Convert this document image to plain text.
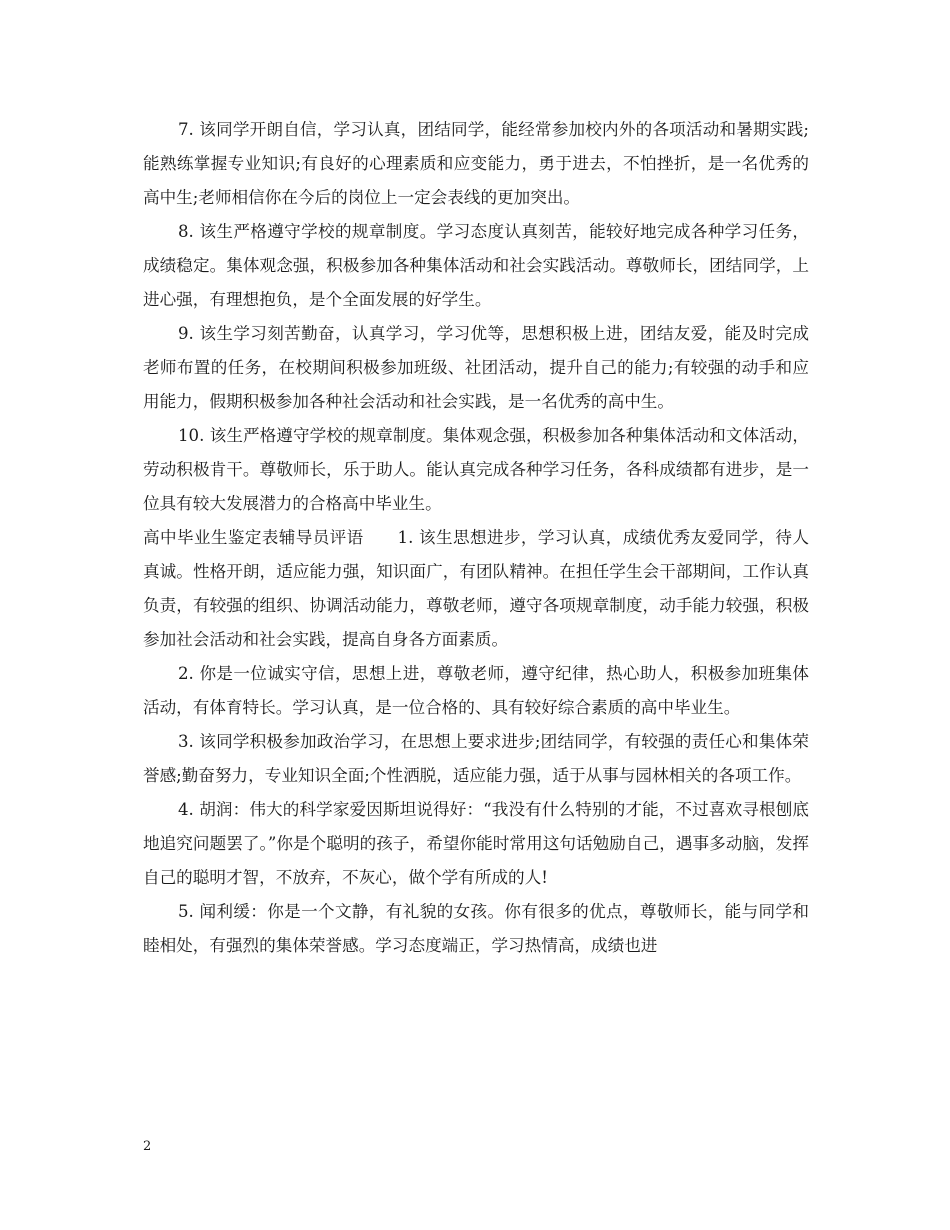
7. 该同学开朗自信，学习认真，团结同学，能经常参加校内外的各项活动和暑期实践;能熟练掌握专业知识;有良好的心理素质和应变能力，勇于进去，不怕挫折，是一名优秀的高中生;老师相信你在今后的岗位上一定会表线的更加突出。

8. 该生严格遵守学校的规章制度。学习态度认真刻苦，能较好地完成各种学习任务，成绩稳定。集体观念强，积极参加各种集体活动和社会实践活动。尊敬师长，团结同学，上进心强，有理想抱负，是个全面发展的好学生。

9. 该生学习刻苦勤奋，认真学习，学习优等，思想积极上进，团结友爱，能及时完成老师布置的任务，在校期间积极参加班级、社团活动，提升自己的能力;有较强的动手和应用能力，假期积极参加各种社会活动和社会实践，是一名优秀的高中生。

10. 该生严格遵守学校的规章制度。集体观念强，积极参加各种集体活动和文体活动，劳动积极肯干。尊敬师长，乐于助人。能认真完成各种学习任务，各科成绩都有进步，是一位具有较大发展潜力的合格高中毕业生。

高中毕业生鉴定表辅导员评语　　1. 该生思想进步，学习认真，成绩优秀友爱同学，待人真诚。性格开朗，适应能力强，知识面广，有团队精神。在担任学生会干部期间，工作认真负责，有较强的组织、协调活动能力，尊敬老师，遵守各项规章制度，动手能力较强，积极参加社会活动和社会实践，提高自身各方面素质。

2. 你是一位诚实守信，思想上进，尊敬老师，遵守纪律，热心助人，积极参加班集体活动，有体育特长。学习认真，是一位合格的、具有较好综合素质的高中毕业生。

3. 该同学积极参加政治学习，在思想上要求进步;团结同学，有较强的责任心和集体荣誉感;勤奋努力，专业知识全面;个性洒脱，适应能力强，适于从事与园林相关的各项工作。

4. 胡润：伟大的科学家爱因斯坦说得好：“我没有什么特别的才能，不过喜欢寻根刨底地追究问题罢了。”你是个聪明的孩子，希望你能时常用这句话勉励自己，遇事多动脑，发挥自己的聪明才智，不放弃，不灰心，做个学有所成的人!

5. 闻利缓：你是一个文静，有礼貌的女孩。你有很多的优点，尊敬师长，能与同学和睦相处，有强烈的集体荣誉感。学习态度端正，学习热情高，成绩也进

2
